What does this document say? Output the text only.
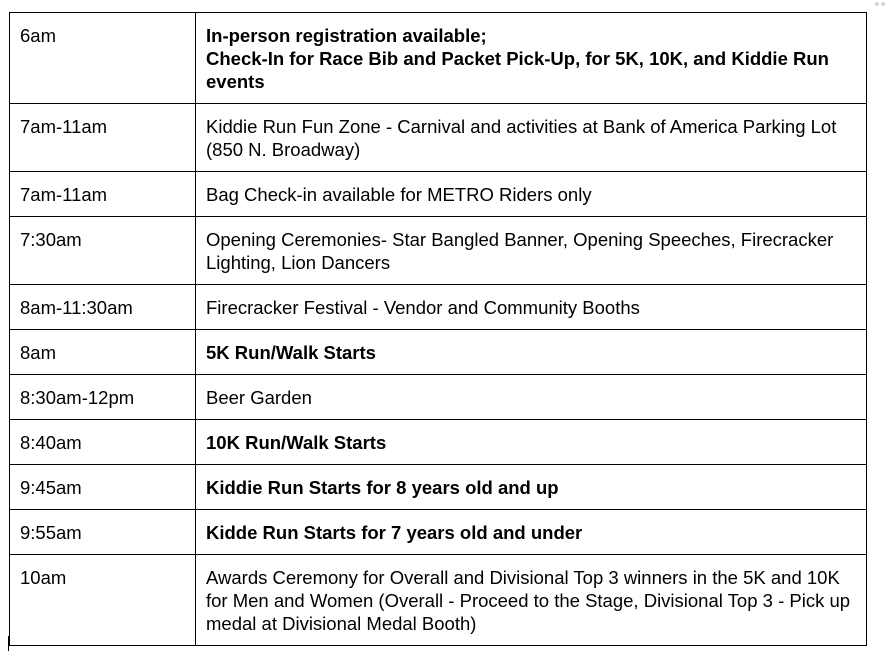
6am	In-person registration available;
Check-In for Race Bib and Packet Pick-Up, for 5K, 10K, and Kiddie Run events
7am-11am	Kiddie Run Fun Zone - Carnival and activities at Bank of America Parking Lot (850 N. Broadway)
7am-11am	Bag Check-in available for METRO Riders only
7:30am	Opening Ceremonies- Star Bangled Banner, Opening Speeches, Firecracker Lighting, Lion Dancers
8am-11:30am	Firecracker Festival - Vendor and Community Booths
8am	5K Run/Walk Starts
8:30am-12pm	Beer Garden
8:40am	10K Run/Walk Starts
9:45am	Kiddie Run Starts for 8 years old and up
9:55am	Kidde Run Starts for 7 years old and under
10am	Awards Ceremony for Overall and Divisional Top 3 winners in the 5K and 10K for Men and Women (Overall - Proceed to the Stage, Divisional Top 3 - Pick up medal at Divisional Medal Booth)
